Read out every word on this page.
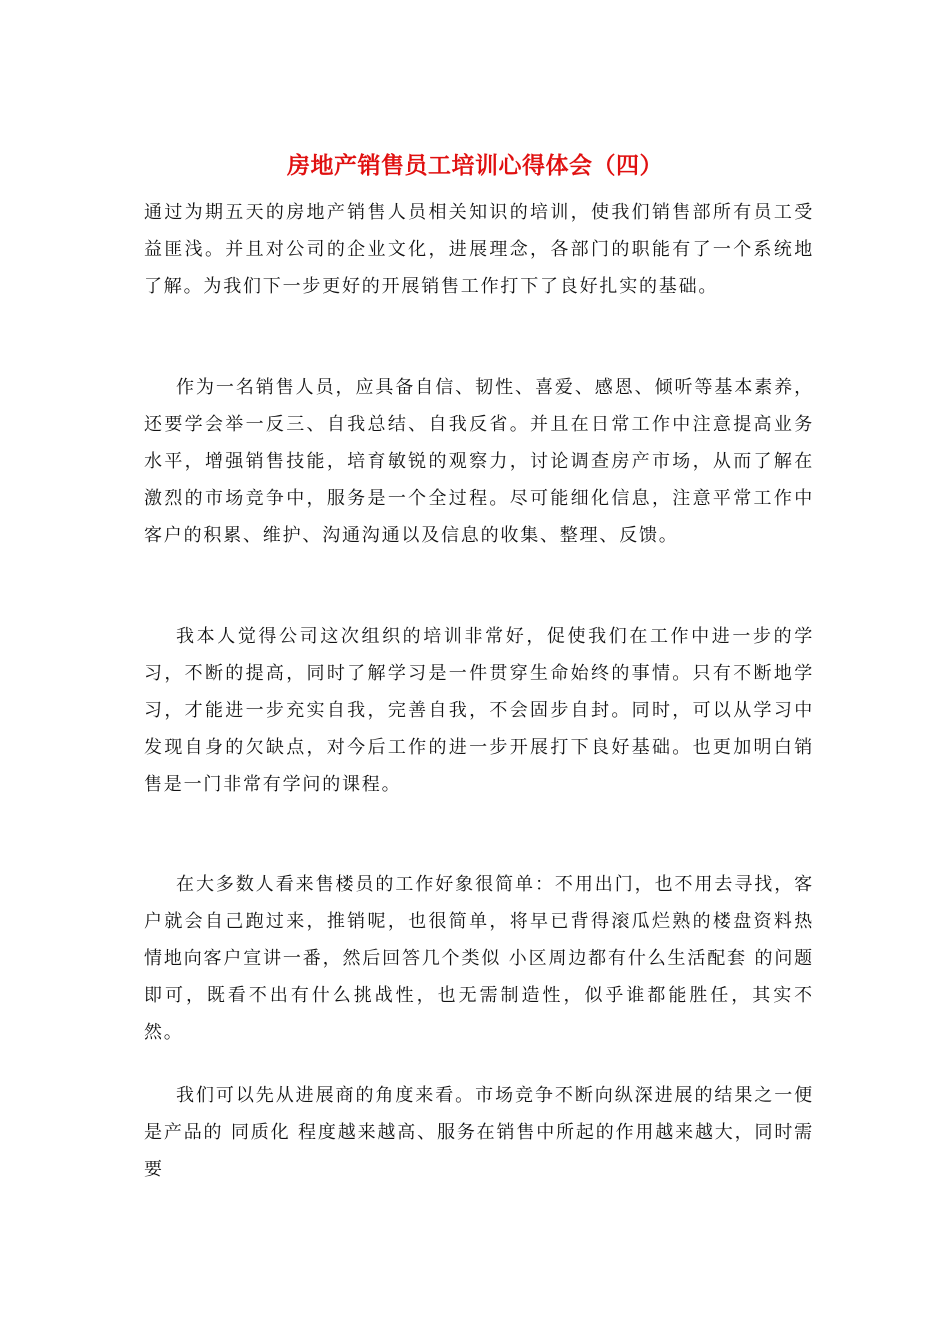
房地产销售员工培训心得体会（四）

通过为期五天的房地产销售人员相关知识的培训，使我们销售部所有员工受益匪浅。并且对公司的企业文化，进展理念，各部门的职能有了一个系统地了解。为我们下一步更好的开展销售工作打下了良好扎实的基础。

作为一名销售人员，应具备自信、韧性、喜爱、感恩、倾听等基本素养，还要学会举一反三、自我总结、自我反省。并且在日常工作中注意提高业务水平，增强销售技能，培育敏锐的观察力，讨论调查房产市场，从而了解在激烈的市场竞争中，服务是一个全过程。尽可能细化信息，注意平常工作中客户的积累、维护、沟通沟通以及信息的收集、整理、反馈。

我本人觉得公司这次组织的培训非常好，促使我们在工作中进一步的学习，不断的提高，同时了解学习是一件贯穿生命始终的事情。只有不断地学习，才能进一步充实自我，完善自我，不会固步自封。同时，可以从学习中发现自身的欠缺点，对今后工作的进一步开展打下良好基础。也更加明白销售是一门非常有学问的课程。

在大多数人看来售楼员的工作好象很简单：不用出门，也不用去寻找，客户就会自己跑过来，推销呢，也很简单，将早已背得滚瓜烂熟的楼盘资料热情地向客户宣讲一番，然后回答几个类似 小区周边都有什么生活配套 的问题即可，既看不出有什么挑战性，也无需制造性，似乎谁都能胜任，其实不然。

我们可以先从进展商的角度来看。市场竞争不断向纵深进展的结果之一便是产品的 同质化 程度越来越高、服务在销售中所起的作用越来越大，同时需要
